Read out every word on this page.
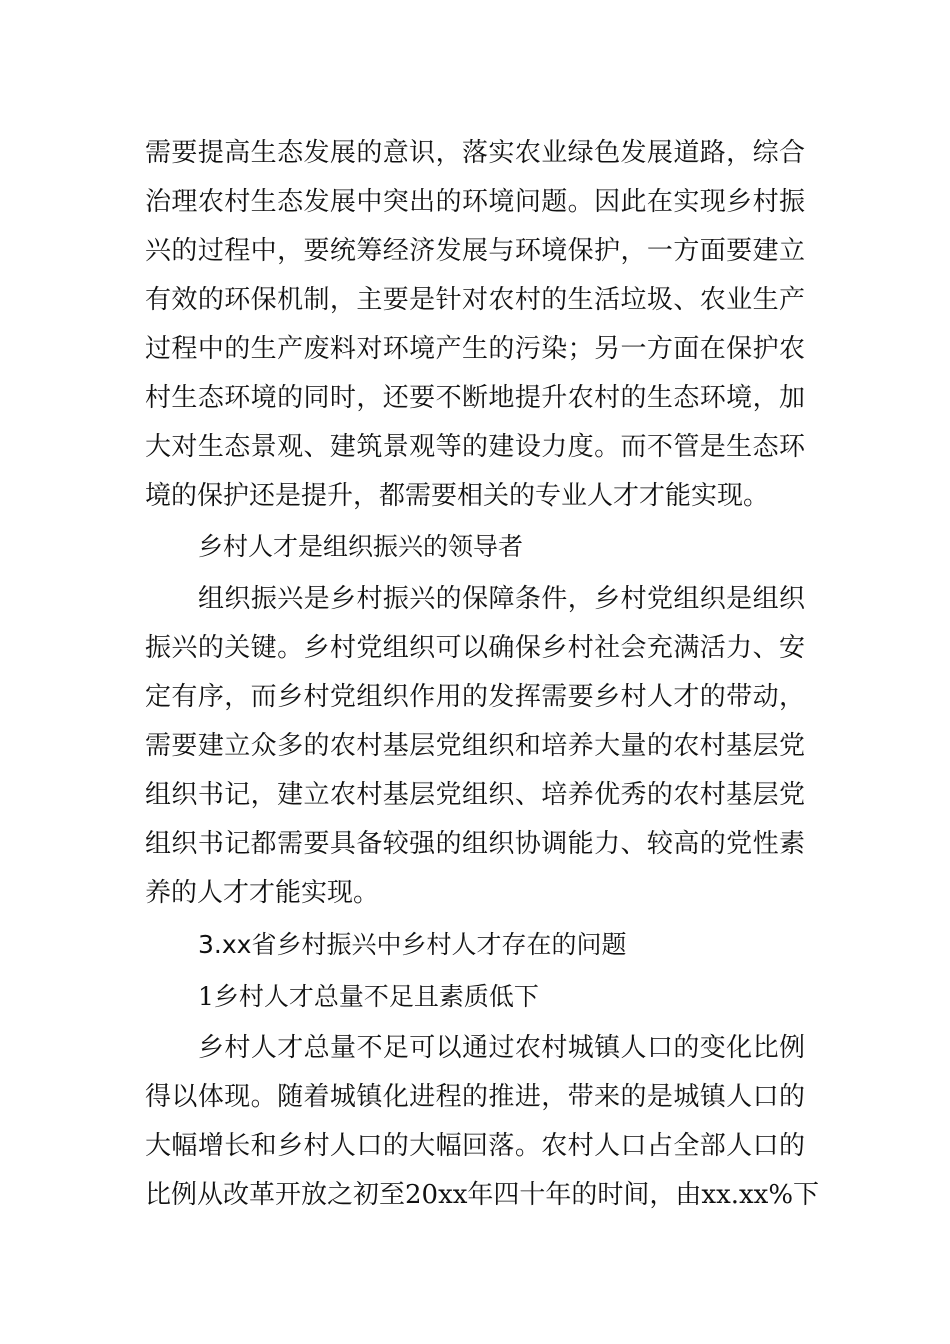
需要提高生态发展的意识，落实农业绿色发展道路，综合
治理农村生态发展中突出的环境问题。因此在实现乡村振
兴的过程中，要统筹经济发展与环境保护，一方面要建立
有效的环保机制，主要是针对农村的生活垃圾、农业生产
过程中的生产废料对环境产生的污染；另一方面在保护农
村生态环境的同时，还要不断地提升农村的生态环境，加
大对生态景观、建筑景观等的建设力度。而不管是生态环
境的保护还是提升，都需要相关的专业人才才能实现。
乡村人才是组织振兴的领导者
组织振兴是乡村振兴的保障条件，乡村党组织是组织
振兴的关键。乡村党组织可以确保乡村社会充满活力、安
定有序，而乡村党组织作用的发挥需要乡村人才的带动，
需要建立众多的农村基层党组织和培养大量的农村基层党
组织书记，建立农村基层党组织、培养优秀的农村基层党
组织书记都需要具备较强的组织协调能力、较高的党性素
养的人才才能实现。
3.xx省乡村振兴中乡村人才存在的问题
1乡村人才总量不足且素质低下
乡村人才总量不足可以通过农村城镇人口的变化比例
得以体现。随着城镇化进程的推进，带来的是城镇人口的
大幅增长和乡村人口的大幅回落。农村人口占全部人口的
比例从改革开放之初至20xx年四十年的时间，由xx.xx%下
